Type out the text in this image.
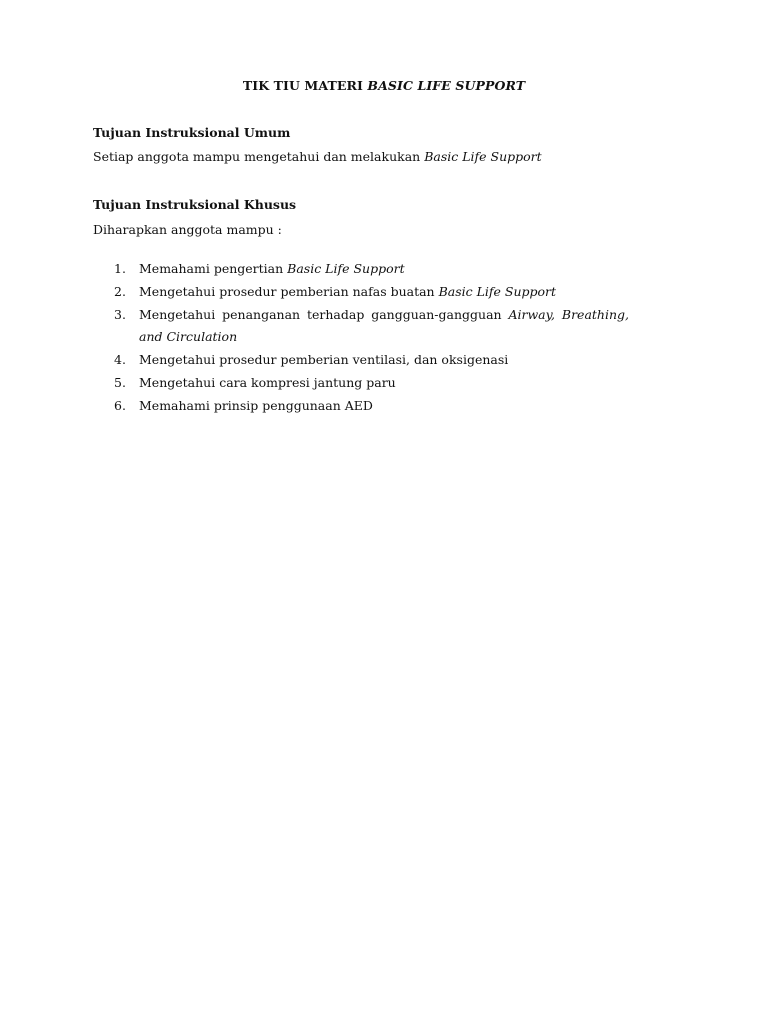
TIK TIU MATERI BASIC LIFE SUPPORT
Tujuan Instruksional Umum
Setiap anggota mampu mengetahui dan melakukan Basic Life Support
Tujuan Instruksional Khusus
Diharapkan anggota mampu :
1. Memahami pengertian Basic Life Support
2. Mengetahui prosedur pemberian nafas buatan Basic Life Support
3. Mengetahui penanganan terhadap gangguan-gangguan Airway, Breathing, and Circulation
4. Mengetahui prosedur pemberian ventilasi, dan oksigenasi
5. Mengetahui cara kompresi jantung paru
6. Memahami prinsip penggunaan AED
